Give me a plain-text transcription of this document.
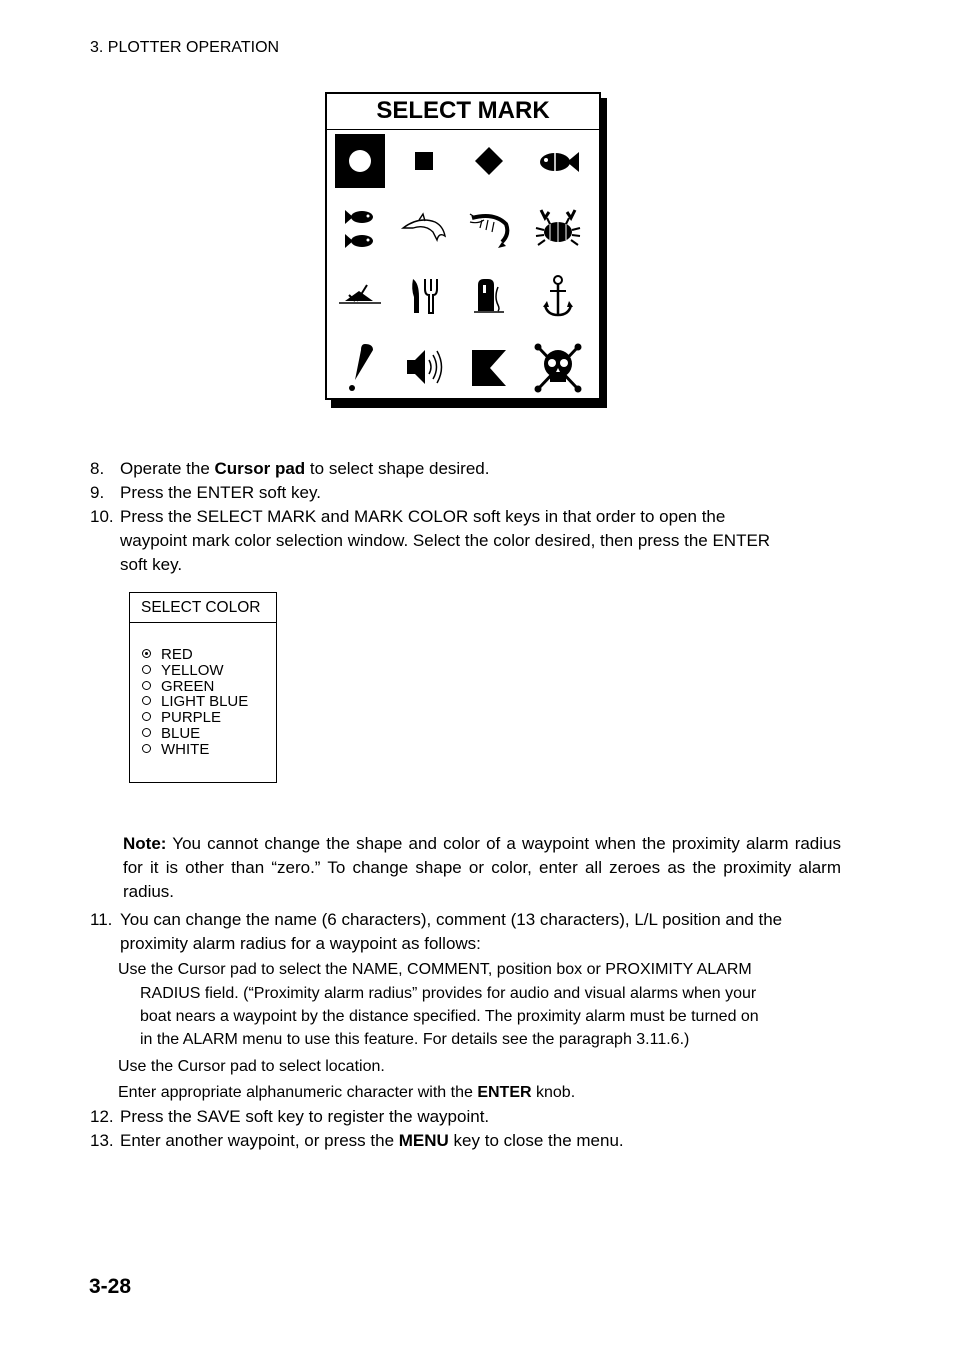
3. PLOTTER OPERATION
SELECT MARK
8. Operate the Cursor pad to select shape desired.
9. Press the ENTER soft key.
10. Press the SELECT MARK and MARK COLOR soft keys in that order to open the
waypoint mark color selection window. Select the color desired, then press the ENTER
soft key.
SELECT COLOR
RED
YELLOW
GREEN
LIGHT BLUE
PURPLE
BLUE
WHITE
Note: You cannot change the shape and color of a waypoint when the proximity alarm radius for it is other than “zero.” To change shape or color, enter all zeroes as the proximity alarm radius.
11. You can change the name (6 characters), comment (13 characters), L/L position and the
proximity alarm radius for a waypoint as follows:
Use the Cursor pad to select the NAME, COMMENT, position box or PROXIMITY ALARM
RADIUS field. (“Proximity alarm radius” provides for audio and visual alarms when your
boat nears a waypoint by the distance specified. The proximity alarm must be turned on
in the ALARM menu to use this feature. For details see the paragraph 3.11.6.)
Use the Cursor pad to select location.
Enter appropriate alphanumeric character with the ENTER knob.
12. Press the SAVE soft key to register the waypoint.
13. Enter another waypoint, or press the MENU key to close the menu.
3-28
